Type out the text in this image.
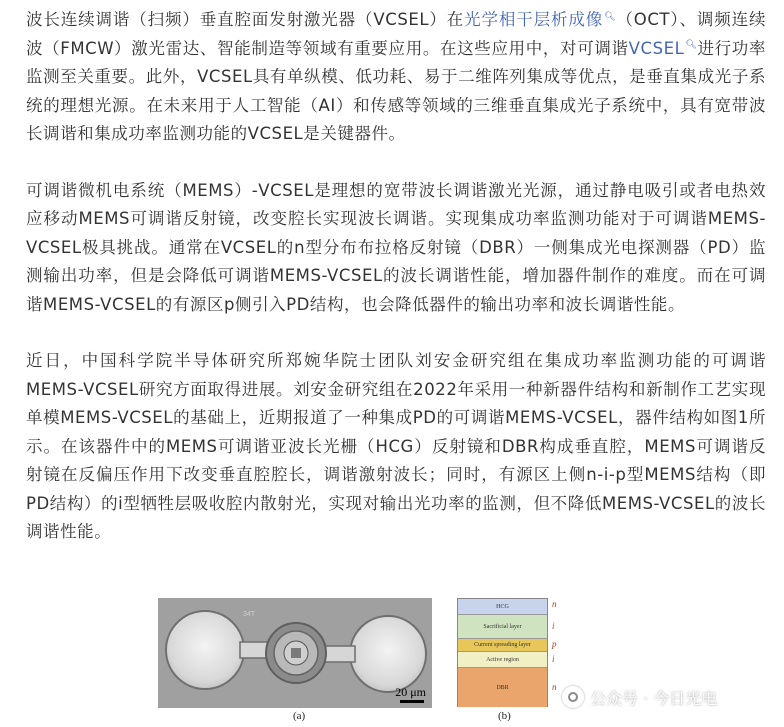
波长连续调谐（扫频）垂直腔面发射激光器（VCSEL）在光学相干层析成像🔍︎（OCT）、调频连续波（FMCW）激光雷达、智能制造等领域有重要应用。在这些应用中，对可调谐VCSEL🔍︎进行功率监测至关重要。此外，VCSEL具有单纵模、低功耗、易于二维阵列集成等优点，是垂直集成光子系统的理想光源。在未来用于人工智能（AI）和传感等领域的三维垂直集成光子系统中，具有宽带波长调谐和集成功率监测功能的VCSEL是关键器件。

可调谐微机电系统（MEMS）-VCSEL是理想的宽带波长调谐激光光源，通过静电吸引或者电热效应移动MEMS可调谐反射镜，改变腔长实现波长调谐。实现集成功率监测功能对于可调谐MEMS-VCSEL极具挑战。通常在VCSEL的n型分布布拉格反射镜（DBR）一侧集成光电探测器（PD）监测输出功率，但是会降低可调谐MEMS-VCSEL的波长调谐性能，增加器件制作的难度。而在可调谐MEMS-VCSEL的有源区p侧引入PD结构，也会降低器件的输出功率和波长调谐性能。

近日，中国科学院半导体研究所郑婉华院士团队刘安金研究组在集成功率监测功能的可调谐MEMS-VCSEL研究方面取得进展。刘安金研究组在2022年采用一种新器件结构和新制作工艺实现单模MEMS-VCSEL的基础上，近期报道了一种集成PD的可调谐MEMS-VCSEL，器件结构如图1所示。在该器件中的MEMS可调谐亚波长光栅（HCG）反射镜和DBR构成垂直腔，MEMS可调谐反射镜在反偏压作用下改变垂直腔腔长，调谐激射波长；同时，有源区上侧n-i-p型MEMS结构（即PD结构）的i型牺牲层吸收腔内散射光，实现对输出光功率的监测，但不降低MEMS-VCSEL的波长调谐性能。

34T
20 μm
(a)
HCG
Sacrificial layer
Current spreading layer
Active region
DBR
n
i
p
i
n
(b)
公众号 · 今日光电
